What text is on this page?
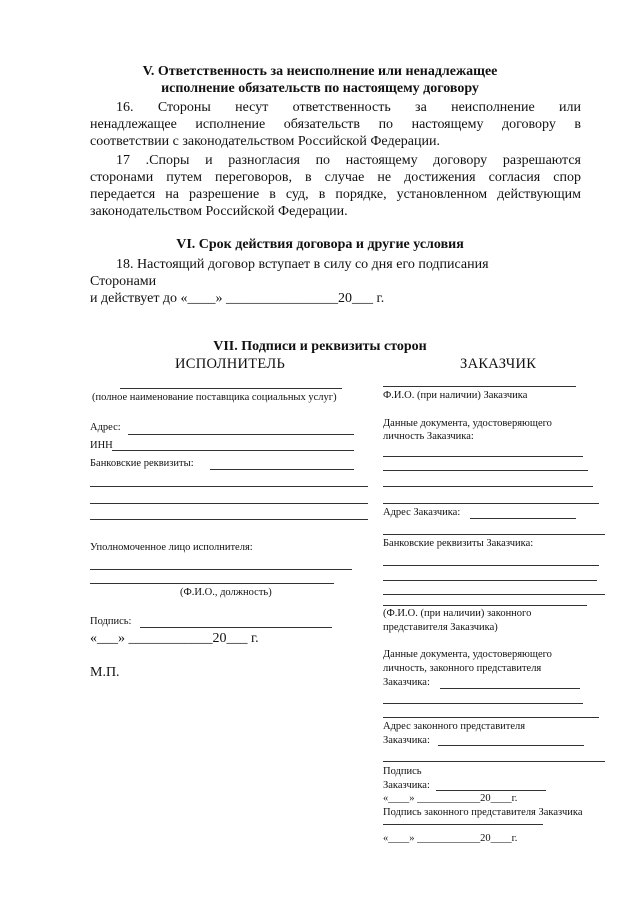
V. Ответственность за неисполнение или ненадлежащее
исполнение обязательств по настоящему договору
16. Стороны несут ответственность за неисполнение или
ненадлежащее исполнение обязательств по настоящему договору в
соответствии с законодательством Российской Федерации.
17 .Споры и разногласия по настоящему договору разрешаются
сторонами путем переговоров, в случае не достижения согласия спор
передается на разрешение в суд, в порядке, установленном действующим
законодательством Российской Федерации.
VI. Срок действия договора и другие условия
18. Настоящий договор вступает в силу со дня его подписания
Сторонами
и действует до «____» ________________20___ г.
VII. Подписи и реквизиты сторон
ИСПОЛНИТЕЛЬ
(полное наименование поставщика социальных услуг)
Адрес:
ИНН
Банковские реквизиты:
Уполномоченное лицо исполнителя:
(Ф.И.О., должность)
Подпись:
«___» ____________20___ г.
М.П.
ЗАКАЗЧИК
Ф.И.О. (при наличии) Заказчика
Данные документа, удостоверяющего
личность Заказчика:
Адрес Заказчика:
Банковские реквизиты Заказчика:
(Ф.И.О. (при наличии) законного
представителя Заказчика)
Данные документа, удостоверяющего
личность, законного представителя
Заказчика:
Адрес законного представителя
Заказчика:
Подпись
Заказчика:
«____» ____________20____г.
Подпись законного представителя Заказчика
«____» ____________20____г.
